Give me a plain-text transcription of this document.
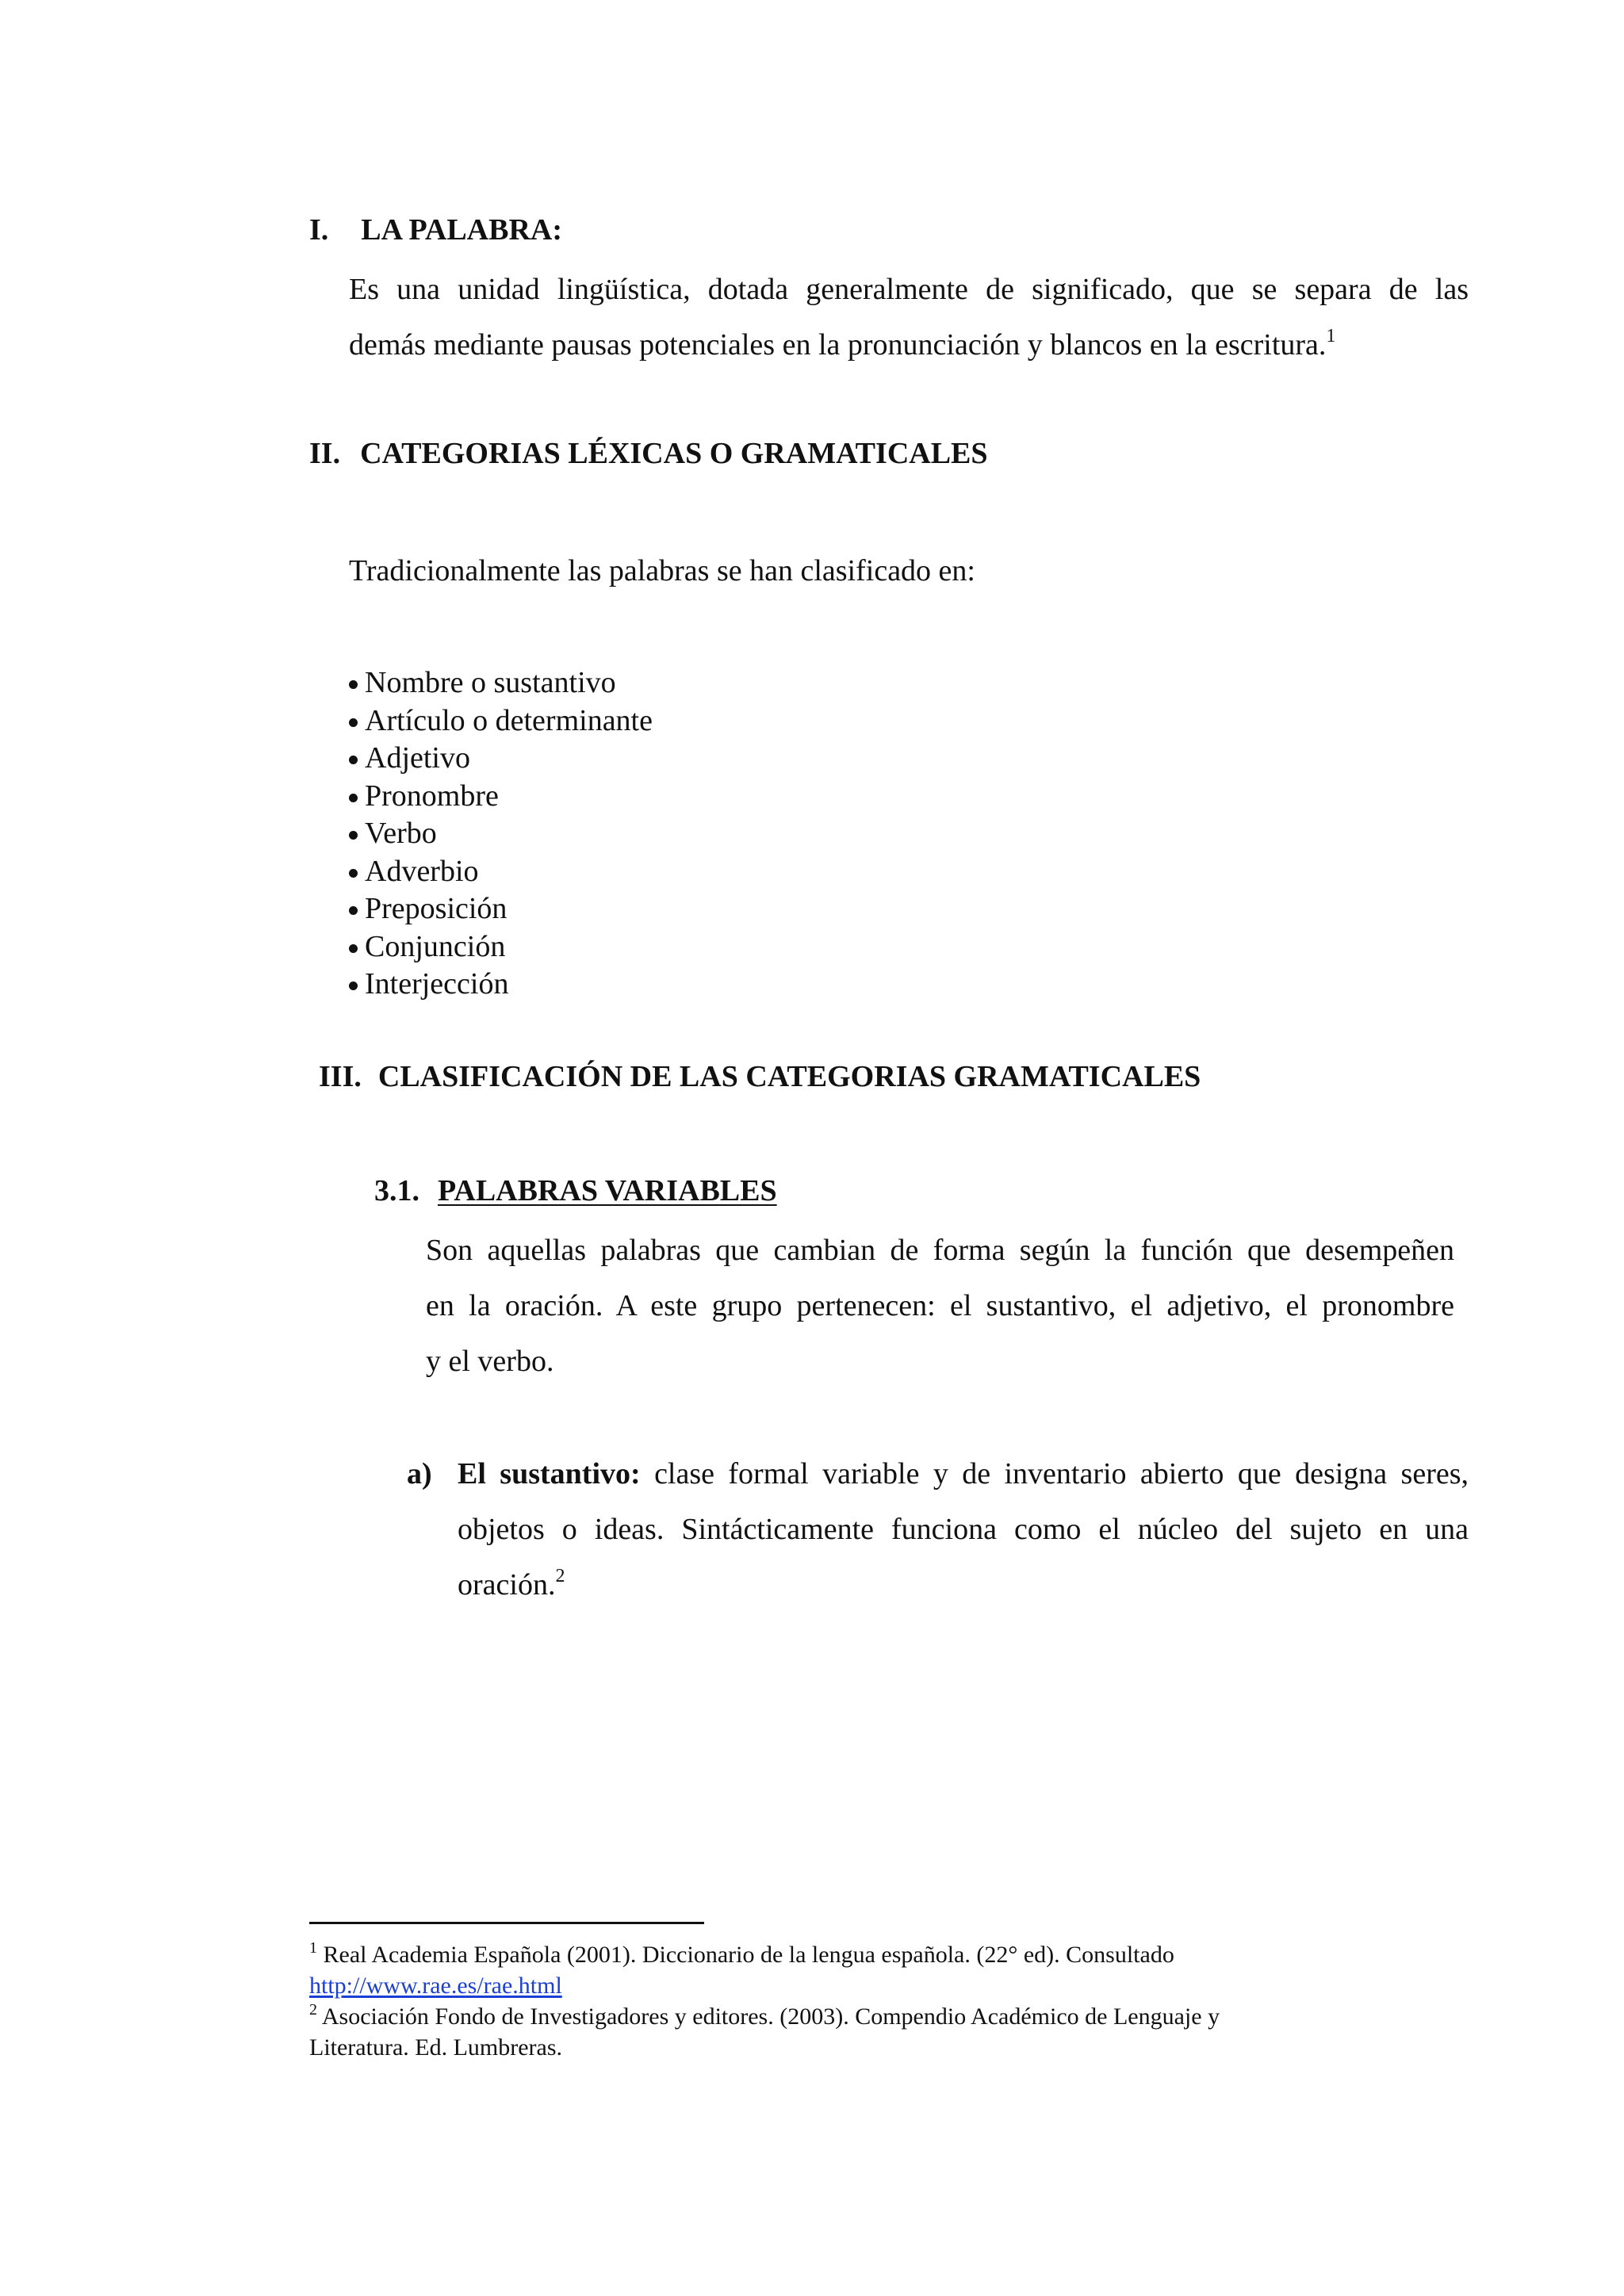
I. LA PALABRA:
Es una unidad lingüística, dotada generalmente de significado, que se separa de las
demás mediante pausas potenciales en la pronunciación y blancos en la escritura.$^1$
II. CATEGORIAS LÉXICAS O GRAMATICALES
Tradicionalmente las palabras se han clasificado en:
Nombre o sustantivo
Artículo o determinante
Adjetivo
Pronombre
Verbo
Adverbio
Preposición
Conjunción
Interjección
III. CLASIFICACIÓN DE LAS CATEGORIAS GRAMATICALES
3.1. PALABRAS VARIABLES
Son aquellas palabras que cambian de forma según la función que desempeñen
en la oración. A este grupo pertenecen: el sustantivo, el adjetivo, el pronombre
y el verbo.
a) El sustantivo: clase formal variable y de inventario abierto que designa seres,
objetos o ideas. Sintácticamente funciona como el núcleo del sujeto en una
oración.$^2$
$^1$ Real Academia Española (2001). Diccionario de la lengua española. (22° ed). Consultado
http://www.rae.es/rae.html
$^2$ Asociación Fondo de Investigadores y editores. (2003). Compendio Académico de Lenguaje y
Literatura. Ed. Lumbreras.
